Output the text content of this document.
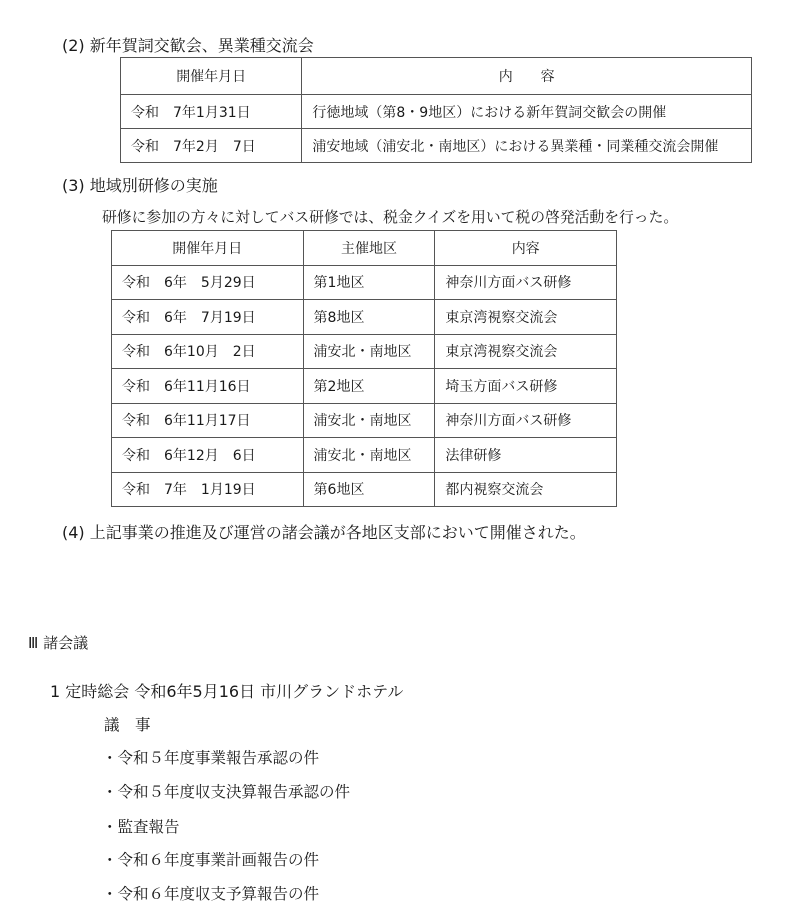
(2) 新年賀詞交歓会、異業種交流会
開催年月日	内　　容
令和　7年1月31日	行徳地域（第8・9地区）における新年賀詞交歓会の開催
令和　7年2月　7日	浦安地域（浦安北・南地区）における異業種・同業種交流会開催
(3) 地域別研修の実施
研修に参加の方々に対してバス研修では、税金クイズを用いて税の啓発活動を行った。
開催年月日	主催地区	内容
令和　6年　5月29日	第1地区	神奈川方面バス研修
令和　6年　7月19日	第8地区	東京湾視察交流会
令和　6年10月　2日	浦安北・南地区	東京湾視察交流会
令和　6年11月16日	第2地区	埼玉方面バス研修
令和　6年11月17日	浦安北・南地区	神奈川方面バス研修
令和　6年12月　6日	浦安北・南地区	法律研修
令和　7年　1月19日	第6地区	都内視察交流会
(4) 上記事業の推進及び運営の諸会議が各地区支部において開催された。
Ⅲ 諸会議
1 定時総会 令和6年5月16日 市川グランドホテル
議　事
・令和５年度事業報告承認の件
・令和５年度収支決算報告承認の件
・監査報告
・令和６年度事業計画報告の件
・令和６年度収支予算報告の件
